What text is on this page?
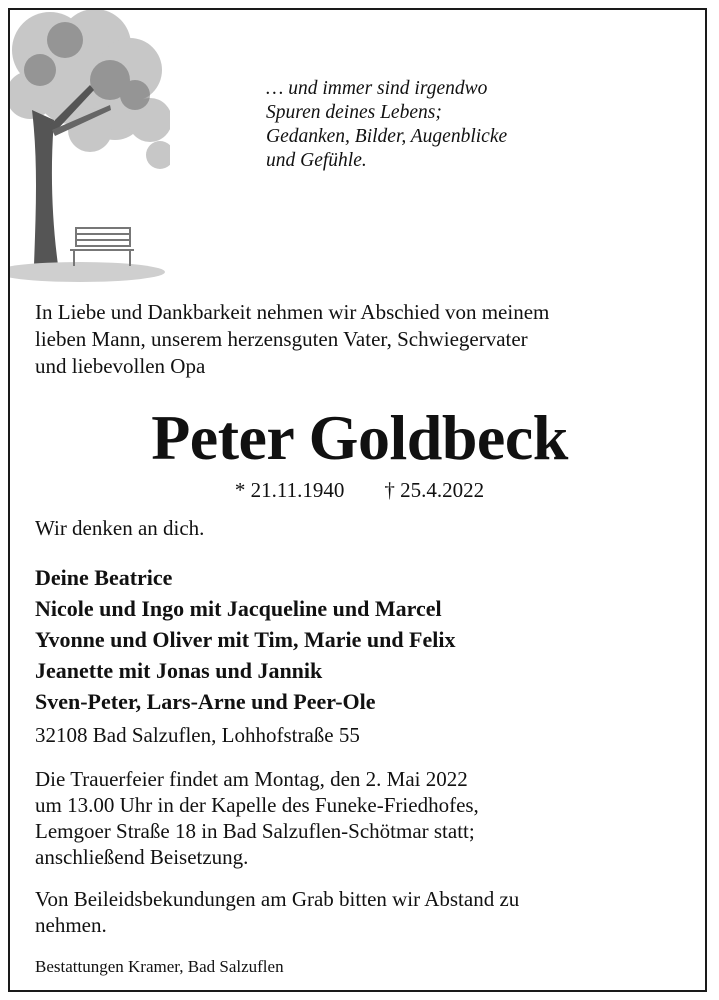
… und immer sind irgendwo
Spuren deines Lebens;
Gedanken, Bilder, Augenblicke
und Gefühle.
In Liebe und Dankbarkeit nehmen wir Abschied von meinem
lieben Mann, unserem herzensguten Vater, Schwiegervater
und liebevollen Opa
Peter Goldbeck
* 21.11.1940 † 25.4.2022
Wir denken an dich.
Deine Beatrice
Nicole und Ingo mit Jacqueline und Marcel
Yvonne und Oliver mit Tim, Marie und Felix
Jeanette mit Jonas und Jannik
Sven-Peter, Lars-Arne und Peer-Ole
32108 Bad Salzuflen, Lohhofstraße 55
Die Trauerfeier findet am Montag, den 2. Mai 2022
um 13.00 Uhr in der Kapelle des Funeke-Friedhofes,
Lemgoer Straße 18 in Bad Salzuflen-Schötmar statt;
anschließend Beisetzung.
Von Beileidsbekundungen am Grab bitten wir Abstand zu
nehmen.
Bestattungen Kramer, Bad Salzuflen
